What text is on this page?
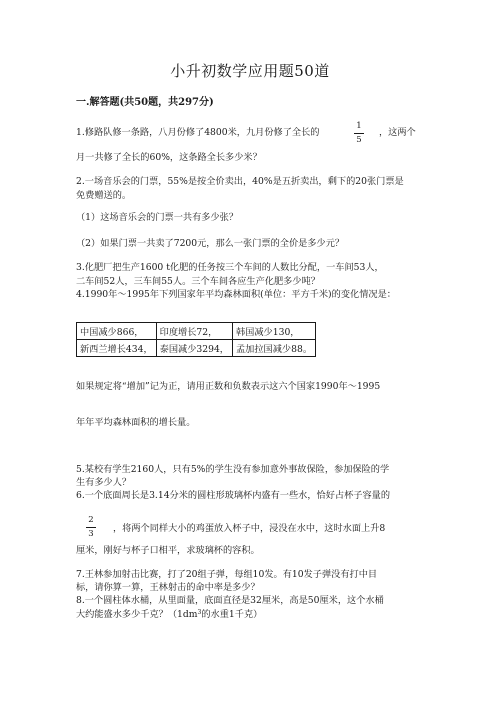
小升初数学应用题50道
一.解答题(共50题，共297分)
1.修路队修一条路，八月份修了4800米，九月份修了全长的
1
5
，这两个
月一共修了全长的60%，这条路全长多少米？
2.一场音乐会的门票，55%是按全价卖出，40%是五折卖出，剩下的20张门票是
免费赠送的。
（1）这场音乐会的门票一共有多少张？
（2）如果门票一共卖了7200元，那么一张门票的全价是多少元？
3.化肥厂把生产1600 t化肥的任务按三个车间的人数比分配，一车间53人，
二车间52人，三车间55人。三个车间各应生产化肥多少吨？
4.1990年～1995年下列国家年平均森林面积(单位：平方千米)的变化情况是：
中国减少866，	印度增长72，	韩国减少130，
新西兰增长434，	泰国减少3294，	孟加拉国减少88。
如果规定将“增加”记为正，请用正数和负数表示这六个国家1990年～1995
年年平均森林面积的增长量。
5.某校有学生2160人，只有5%的学生没有参加意外事故保险，参加保险的学
生有多少人？
6.一个底面周长是3.14分米的圆柱形玻璃杯内盛有一些水，恰好占杯子容量的
2
3 ，将两个同样大小的鸡蛋放入杯子中，浸没在水中，这时水面上升8
厘米，刚好与杯子口相平，求玻璃杯的容积。
7.王林参加射击比赛，打了20组子弹，每组10发。有10发子弹没有打中目
标，请你算一算，王林射击的命中率是多少？
8.一个圆柱体水桶，从里面量，底面直径是32厘米，高是50厘米，这个水桶
大约能盛水多少千克？（$1dm^3$的水重1千克）
